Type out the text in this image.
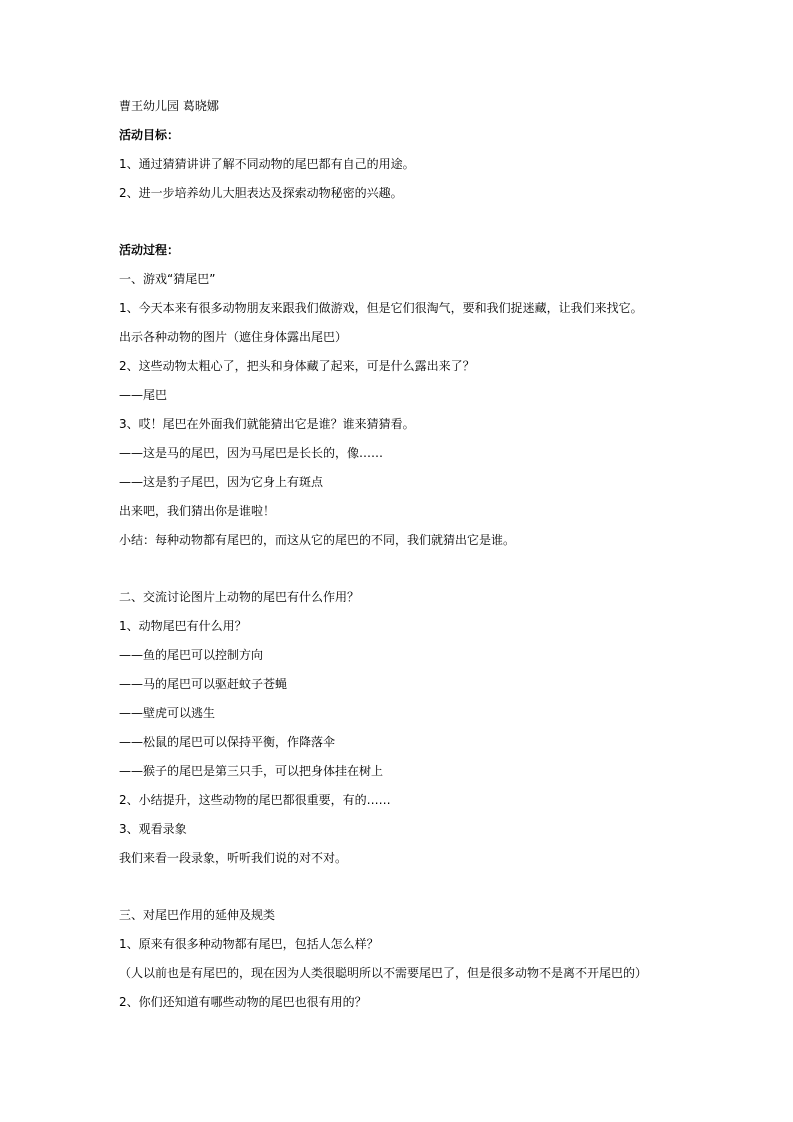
曹王幼儿园 葛晓娜
活动目标：
1、通过猜猜讲讲了解不同动物的尾巴都有自己的用途。
2、进一步培养幼儿大胆表达及探索动物秘密的兴趣。
活动过程：
一、游戏“猜尾巴”
1、今天本来有很多动物朋友来跟我们做游戏，但是它们很淘气，要和我们捉迷藏，让我们来找它。
出示各种动物的图片（遮住身体露出尾巴）
2、这些动物太粗心了，把头和身体藏了起来，可是什么露出来了？
——尾巴
3、哎！尾巴在外面我们就能猜出它是谁？谁来猜猜看。
——这是马的尾巴，因为马尾巴是长长的，像……
——这是豹子尾巴，因为它身上有斑点
出来吧，我们猜出你是谁啦！
小结：每种动物都有尾巴的，而这从它的尾巴的不同，我们就猜出它是谁。
二、交流讨论图片上动物的尾巴有什么作用？
1、动物尾巴有什么用？
——鱼的尾巴可以控制方向
——马的尾巴可以驱赶蚊子苍蝇
——壁虎可以逃生
——松鼠的尾巴可以保持平衡，作降落伞
——猴子的尾巴是第三只手，可以把身体挂在树上
2、小结提升，这些动物的尾巴都很重要，有的……
3、观看录象
我们来看一段录象，听听我们说的对不对。
三、对尾巴作用的延伸及规类
1、原来有很多种动物都有尾巴，包括人怎么样？
（人以前也是有尾巴的，现在因为人类很聪明所以不需要尾巴了，但是很多动物不是离不开尾巴的）
2、你们还知道有哪些动物的尾巴也很有用的？
